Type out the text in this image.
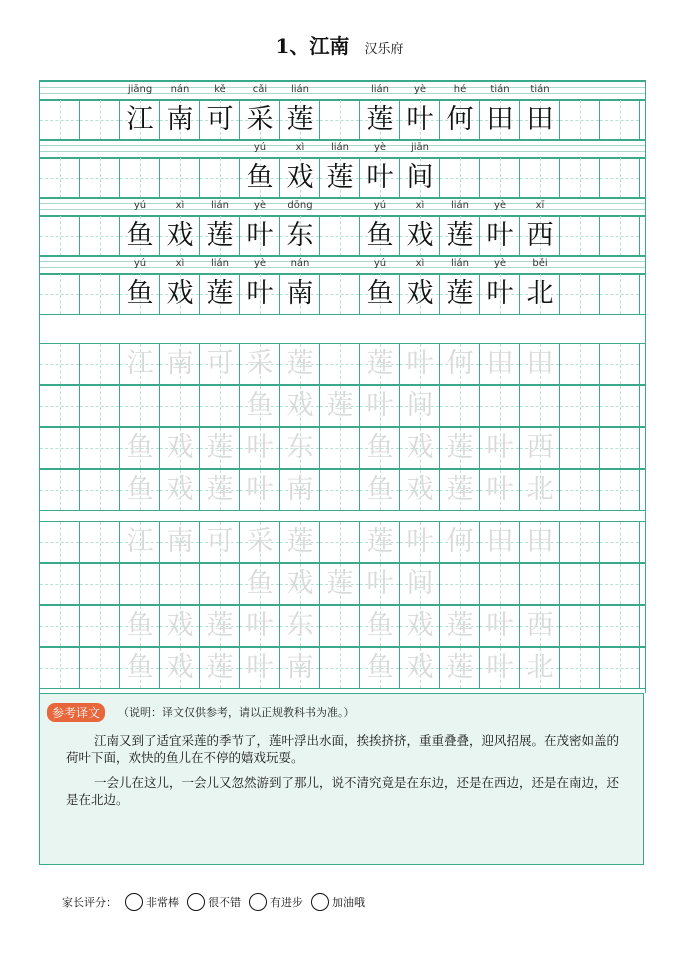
1、江南 汉乐府
jiāng	nán	kě	cǎi	lián	lián	yè	hé	tián	tián
江 南 可 采 莲 莲 叶 何 田 田
yú	xì	lián	yè	jiān
鱼 戏 莲 叶 间
yú	xì	lián	yè	dōng	yú	xì	lián	yè	xī
鱼 戏 莲 叶 东 鱼 戏 莲 叶 西
yú	xì	lián	yè	nán	yú	xì	lián	yè	běi
鱼 戏 莲 叶 南 鱼 戏 莲 叶 北
江 南 可 采 莲 莲 叶 何 田 田
鱼 戏 莲 叶 间
鱼 戏 莲 叶 东 鱼 戏 莲 叶 西
鱼 戏 莲 叶 南 鱼 戏 莲 叶 北
江 南 可 采 莲 莲 叶 何 田 田
鱼 戏 莲 叶 间
鱼 戏 莲 叶 东 鱼 戏 莲 叶 西
鱼 戏 莲 叶 南 鱼 戏 莲 叶 北
参考译文	（说明：译文仅供参考，请以正规教科书为准。）
江南又到了适宜采莲的季节了，莲叶浮出水面，挨挨挤挤，重重叠叠，迎风招展。在茂密如盖的荷叶下面，欢快的鱼儿在不停的嬉戏玩耍。
一会儿在这儿，一会儿又忽然游到了那儿，说不清究竟是在东边，还是在西边，还是在南边，还是在北边。
家长评分：	非常棒	很不错	有进步	加油哦
